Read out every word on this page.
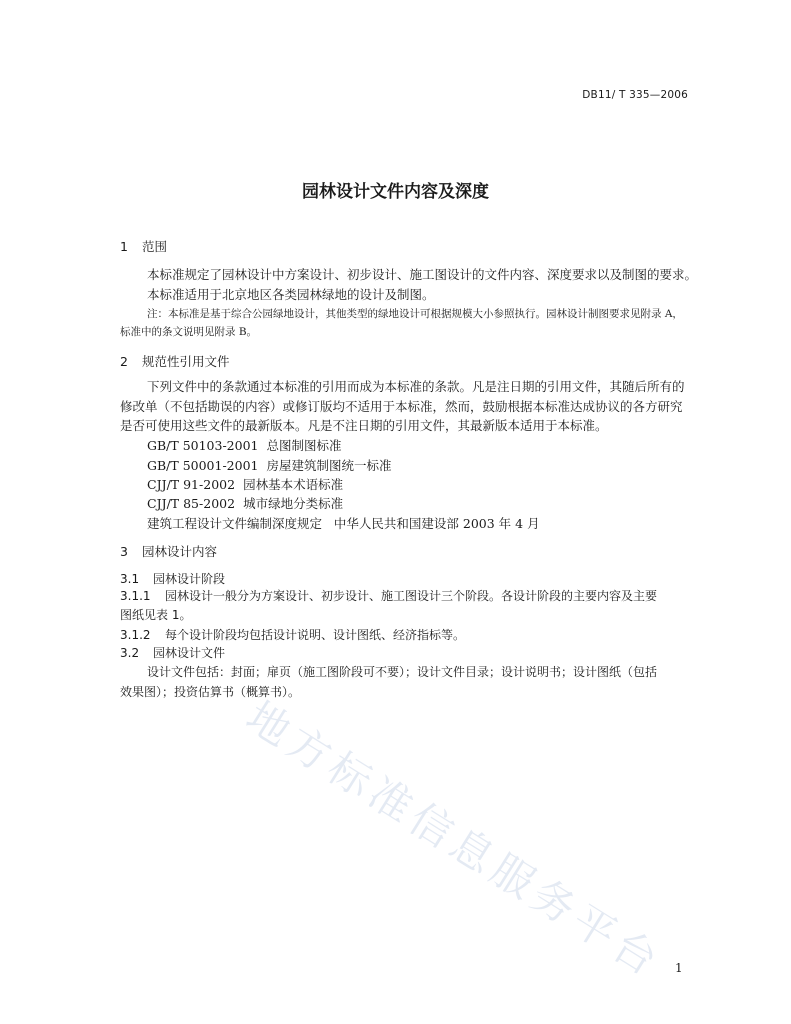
DB11/ T 335—2006
园林设计文件内容及深度
1 范围
本标准规定了园林设计中方案设计、初步设计、施工图设计的文件内容、深度要求以及制图的要求。
本标准适用于北京地区各类园林绿地的设计及制图。
注：本标准是基于综合公园绿地设计，其他类型的绿地设计可根据规模大小参照执行。园林设计制图要求见附录 A，
标准中的条文说明见附录 B。
2 规范性引用文件
下列文件中的条款通过本标准的引用而成为本标准的条款。凡是注日期的引用文件，其随后所有的
修改单（不包括勘误的内容）或修订版均不适用于本标准，然而，鼓励根据本标准达成协议的各方研究
是否可使用这些文件的最新版本。凡是不注日期的引用文件，其最新版本适用于本标准。
GB/T 50103-2001 总图制图标准
GB/T 50001-2001 房屋建筑制图统一标准
CJJ/T 91-2002 园林基本术语标准
CJJ/T 85-2002 城市绿地分类标准
建筑工程设计文件编制深度规定   中华人民共和国建设部 2003 年 4 月
3 园林设计内容
3.1 园林设计阶段
3.1.1 园林设计一般分为方案设计、初步设计、施工图设计三个阶段。各设计阶段的主要内容及主要
图纸见表 1。
3.1.2 每个设计阶段均包括设计说明、设计图纸、经济指标等。
3.2 园林设计文件
设计文件包括：封面；扉页（施工图阶段可不要）；设计文件目录；设计说明书；设计图纸（包括
效果图）；投资估算书（概算书）。
地方标准信息服务平台 1
